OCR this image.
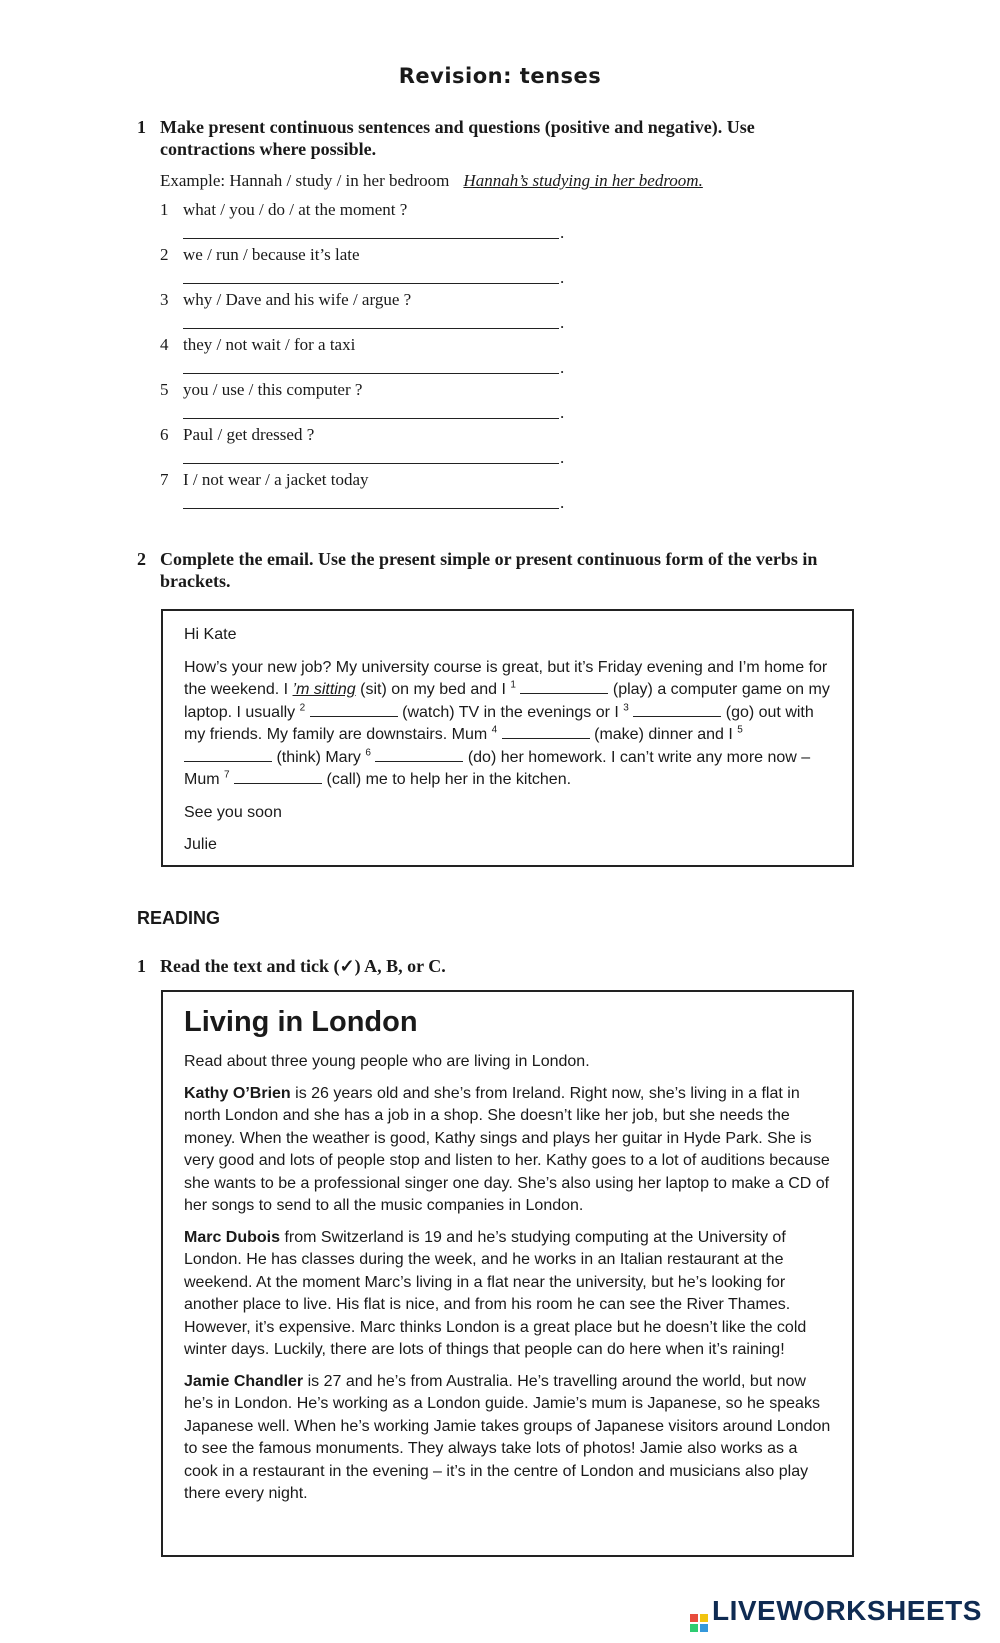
Revision: tenses
1 Make present continuous sentences and questions (positive and negative). Use contractions where possible.
Example: Hannah / study / in her bedroom Hannah’s studying in her bedroom.
1 what / you / do / at the moment ?
.
2 we / run / because it’s late
.
3 why / Dave and his wife / argue ?
.
4 they / not wait / for a taxi
.
5 you / use / this computer ?
.
6 Paul / get dressed ?
.
7 I / not wear / a jacket today
.
2 Complete the email. Use the present simple or present continuous form of the verbs in brackets.

Hi Kate

How’s your new job? My university course is great, but it’s Friday evening and I’m home for the weekend. I ’m sitting (sit) on my bed and I $^1$	(play) a computer game on my laptop. I usually $^2$	(watch) TV in the evenings or I $^3$	(go) out with my friends. My family are downstairs. Mum $^4$	(make) dinner and I $^5$  (think) Mary $^6$	(do) her homework. I can’t write any more now – Mum $^7$	(call) me to help her in the kitchen.

See you soon

Julie

READING
1 Read the text and tick (✓) A, B, or C.
Living in London

Read about three young people who are living in London.

Kathy O’Brien is 26 years old and she’s from Ireland. Right now, she’s living in a flat in north London and she has a job in a shop. She doesn’t like her job, but she needs the money. When the weather is good, Kathy sings and plays her guitar in Hyde Park. She is very good and lots of people stop and listen to her. Kathy goes to a lot of auditions because she wants to be a professional singer one day. She’s also using her laptop to make a CD of her songs to send to all the music companies in London.

Marc Dubois from Switzerland is 19 and he’s studying computing at the University of London. He has classes during the week, and he works in an Italian restaurant at the weekend. At the moment Marc’s living in a flat near the university, but he’s looking for another place to live. His flat is nice, and from his room he can see the River Thames. However, it’s expensive. Marc thinks London is a great place but he doesn’t like the cold winter days. Luckily, there are lots of things that people can do here when it’s raining!

Jamie Chandler is 27 and he’s from Australia. He’s travelling around the world, but now he’s in London. He’s working as a London guide. Jamie’s mum is Japanese, so he speaks Japanese well. When he’s working Jamie takes groups of Japanese visitors around London to see the famous monuments. They always take lots of photos! Jamie also works as a cook in a restaurant in the evening – it’s in the centre of London and musicians also play there every night.

LIVEWORKSHEETS
